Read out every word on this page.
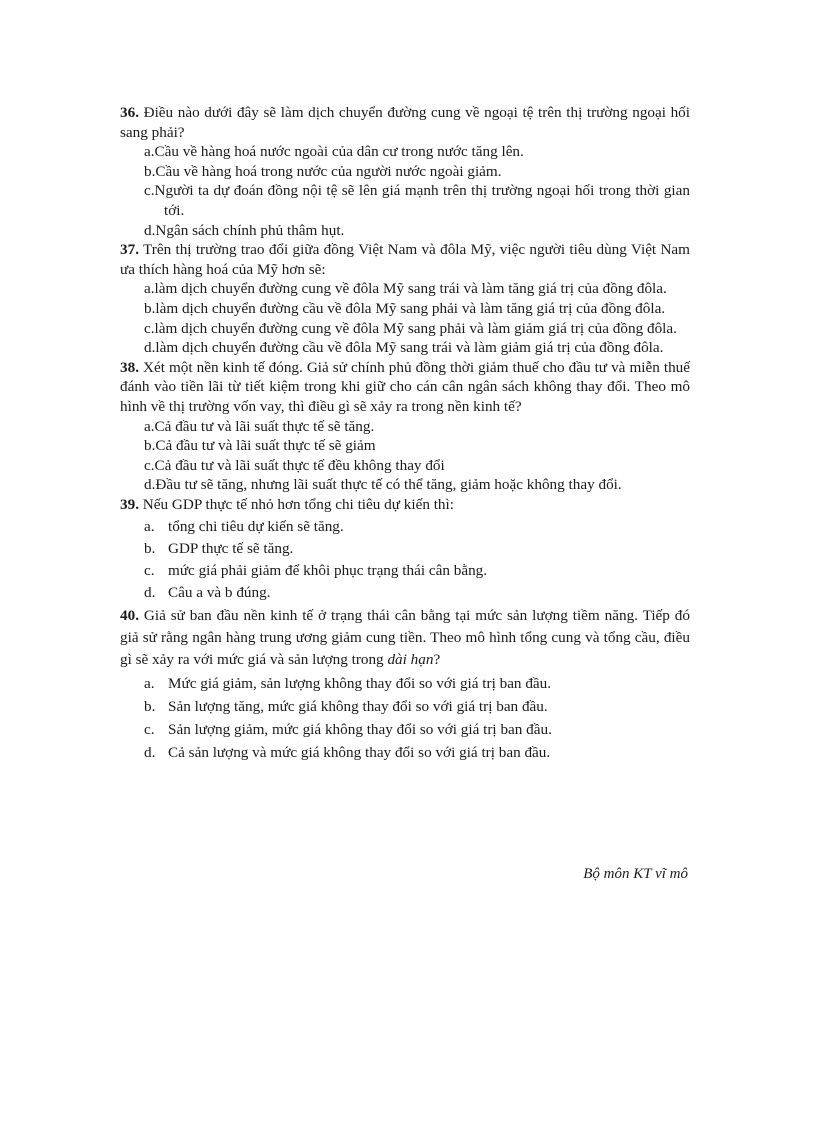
36. Điều nào dưới đây sẽ làm dịch chuyển đường cung về ngoại tệ trên thị trường ngoại hối sang phải?

a.Cầu về hàng hoá nước ngoài của dân cư trong nước tăng lên.

b.Cầu về hàng hoá trong nước của người nước ngoài giảm.

c.Người ta dự đoán đồng nội tệ sẽ lên giá mạnh trên thị trường ngoại hối trong thời gian tới.

d.Ngân sách chính phủ thâm hụt.

37. Trên thị trường trao đổi giữa đồng Việt Nam và đôla Mỹ, việc người tiêu dùng Việt Nam ưa thích hàng hoá của Mỹ hơn sẽ:

a.làm dịch chuyển đường cung về đôla Mỹ sang trái và làm tăng giá trị của đồng đôla.

b.làm dịch chuyển đường cầu về đôla Mỹ sang phải và làm tăng giá trị của đồng đôla.

c.làm dịch chuyển đường cung về đôla Mỹ sang phải và làm giảm giá trị của đồng đôla.

d.làm dịch chuyển đường cầu về đôla Mỹ sang trái và làm giảm giá trị của đồng đôla.

38. Xét một nền kinh tế đóng. Giả sử chính phủ đồng thời giảm thuế cho đầu tư và miễn thuế đánh vào tiền lãi từ tiết kiệm trong khi giữ cho cán cân ngân sách không thay đổi. Theo mô hình về thị trường vốn vay, thì điều gì sẽ xảy ra trong nền kinh tế?

a.Cả đầu tư và lãi suất thực tế sẽ tăng.

b.Cả đầu tư và lãi suất thực tế sẽ giảm

c.Cả đầu tư và lãi suất thực tế đều không thay đổi

d.Đầu tư sẽ tăng, nhưng lãi suất thực tế có thể tăng, giảm hoặc không thay đổi.

39. Nếu GDP thực tế nhỏ hơn tổng chi tiêu dự kiến thì:

a. tổng chi tiêu dự kiến sẽ tăng.
b. GDP thực tế sẽ tăng.
c. mức giá phải giảm để khôi phục trạng thái cân bằng.
d. Câu a và b đúng.

40. Giả sử ban đầu nền kinh tế ở trạng thái cân bằng tại mức sản lượng tiềm năng. Tiếp đó giả sử rằng ngân hàng trung ương giảm cung tiền. Theo mô hình tổng cung và tổng cầu, điều gì sẽ xảy ra với mức giá và sản lượng trong dài hạn?

a. Mức giá giảm, sản lượng không thay đổi so với giá trị ban đầu.
b. Sản lượng tăng, mức giá không thay đổi so với giá trị ban đầu.
c. Sản lượng giảm, mức giá không thay đổi so với giá trị ban đầu.
d. Cả sản lượng và mức giá không thay đổi so với giá trị ban đầu.
Bộ môn KT vĩ mô
